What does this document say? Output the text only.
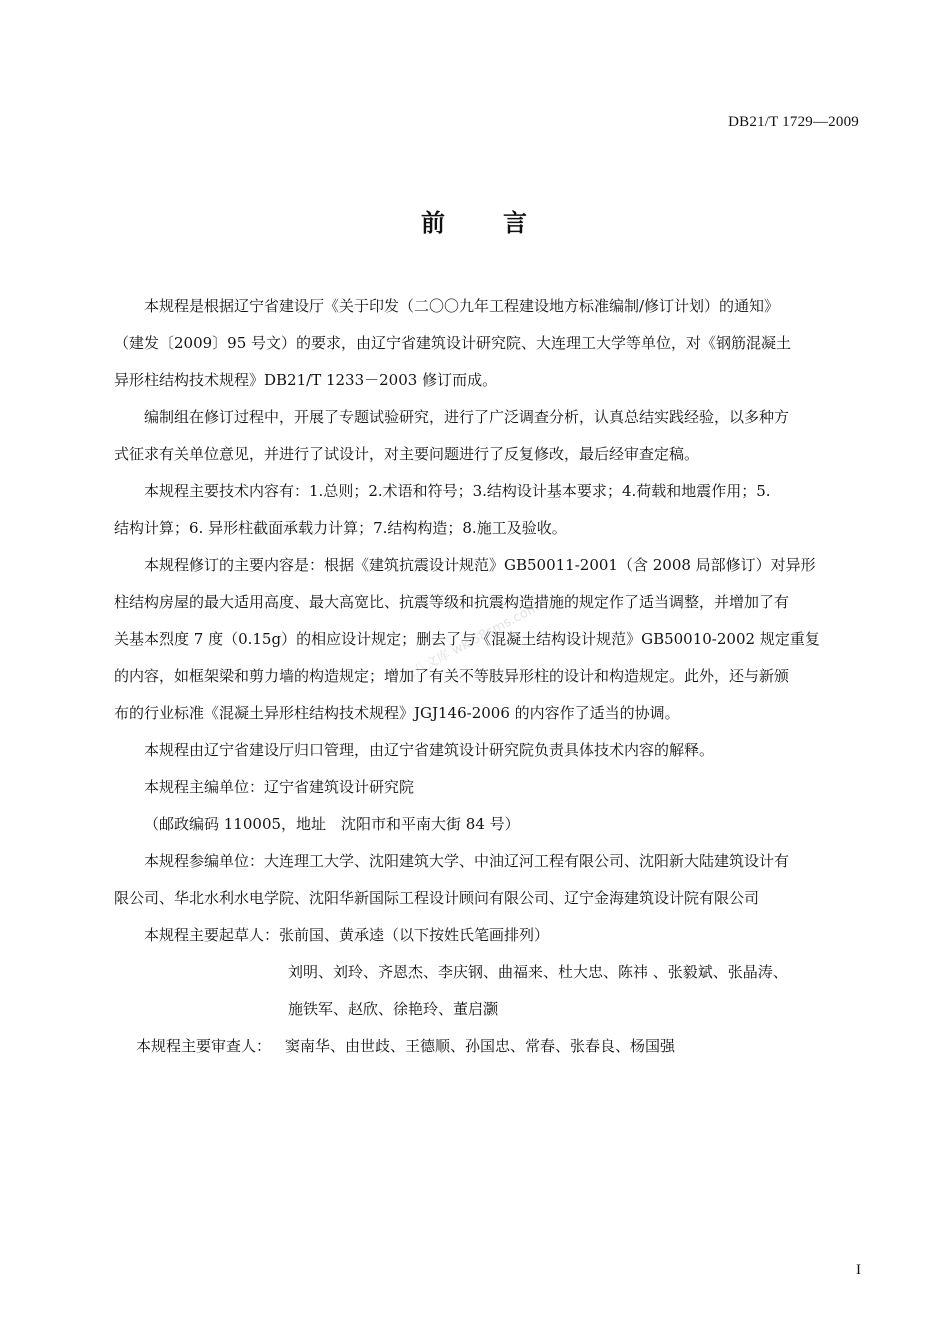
DB21/T 1729—2009
前 言
五八文库 wk.58sms.com
本规程是根据辽宁省建设厅《关于印发（二〇〇九年工程建设地方标准编制/修订计划）的通知》
（建发〔2009〕95 号文）的要求，由辽宁省建筑设计研究院、大连理工大学等单位，对《钢筋混凝土
异形柱结构技术规程》DB21/T 1233－2003 修订而成。
编制组在修订过程中，开展了专题试验研究，进行了广泛调查分析，认真总结实践经验，以多种方
式征求有关单位意见，并进行了试设计，对主要问题进行了反复修改，最后经审查定稿。
本规程主要技术内容有：1.总则；2.术语和符号；3.结构设计基本要求；4.荷载和地震作用；5.
结构计算；6. 异形柱截面承载力计算；7.结构构造；8.施工及验收。
本规程修订的主要内容是：根据《建筑抗震设计规范》GB50011-2001（含 2008 局部修订）对异形
柱结构房屋的最大适用高度、最大高宽比、抗震等级和抗震构造措施的规定作了适当调整，并增加了有
关基本烈度 7 度（0.15g）的相应设计规定；删去了与《混凝土结构设计规范》GB50010-2002 规定重复
的内容，如框架梁和剪力墙的构造规定；增加了有关不等肢异形柱的设计和构造规定。此外，还与新颁
布的行业标准《混凝土异形柱结构技术规程》JGJ146-2006 的内容作了适当的协调。
本规程由辽宁省建设厅归口管理，由辽宁省建筑设计研究院负责具体技术内容的解释。
本规程主编单位：辽宁省建筑设计研究院
（邮政编码 110005，地址　沈阳市和平南大街 84 号）
本规程参编单位：大连理工大学、沈阳建筑大学、中油辽河工程有限公司、沈阳新大陆建筑设计有
限公司、华北水利水电学院、沈阳华新国际工程设计顾问有限公司、辽宁金海建筑设计院有限公司
本规程主要起草人：张前国、黄承逵（以下按姓氏笔画排列）
刘明、刘玲、齐恩杰、李庆钢、曲福来、杜大忠、陈祎 、张毅斌、张晶涛、
施铁军、赵欣、徐艳玲、董启灏
本规程主要审查人： 窦南华、由世歧、王德顺、孙国忠、常春、张春良、杨国强
I
